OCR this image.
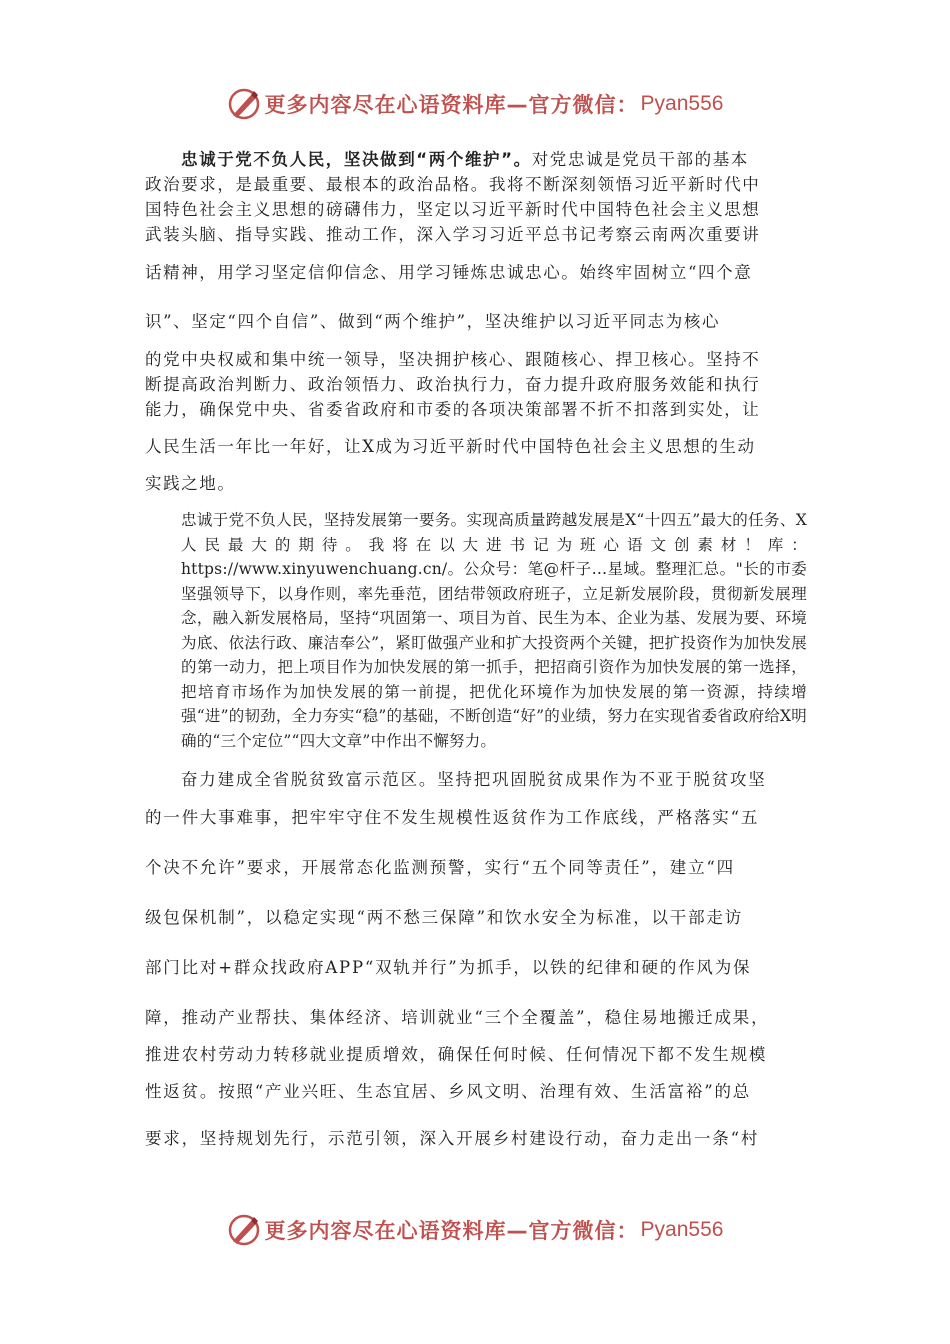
更多内容尽在心语资料库—官方微信： Pyan556
忠诚于党不负人民，坚决做到“两个维护”。对党忠诚是党员干部的基本
政治要求，是最重要、最根本的政治品格。我将不断深刻领悟习近平新时代中
国特色社会主义思想的磅礴伟力，坚定以习近平新时代中国特色社会主义思想
武装头脑、指导实践、推动工作，深入学习习近平总书记考察云南两次重要讲
话精神，用学习坚定信仰信念、用学习锤炼忠诚忠心。始终牢固树立“四个意
识”、坚定“四个自信”、做到“两个维护”，坚决维护以习近平同志为核心
的党中央权威和集中统一领导，坚决拥护核心、跟随核心、捍卫核心。坚持不
断提高政治判断力、政治领悟力、政治执行力，奋力提升政府服务效能和执行
能力，确保党中央、省委省政府和市委的各项决策部署不折不扣落到实处，让
人民生活一年比一年好，让X成为习近平新时代中国特色社会主义思想的生动
实践之地。
忠诚于党不负人民，坚持发展第一要务。实现高质量跨越发展是X“十四五”最大的任务、X人民最大的期待。我将在以大进书记为班心语文创素材！库：https://www.xinyuwenchuang.cn/。公众号：笔@杆子…星域。整理汇总。"长的市委坚强领导下，以身作则，率先垂范，团结带领政府班子，立足新发展阶段，贯彻新发展理念，融入新发展格局，坚持“巩固第一、项目为首、民生为本、企业为基、发展为要、环境为底、依法行政、廉洁奉公”，紧盯做强产业和扩大投资两个关键，把扩投资作为加快发展的第一动力，把上项目作为加快发展的第一抓手，把招商引资作为加快发展的第一选择，把培育市场作为加快发展的第一前提，把优化环境作为加快发展的第一资源，持续增强“进”的韧劲，全力夯实“稳”的基础，不断创造“好”的业绩，努力在实现省委省政府给X明确的“三个定位”“四大文章”中作出不懈努力。
奋力建成全省脱贫致富示范区。坚持把巩固脱贫成果作为不亚于脱贫攻坚
的一件大事难事，把牢牢守住不发生规模性返贫作为工作底线，严格落实“五
个决不允许”要求，开展常态化监测预警，实行“五个同等责任”，建立“四
级包保机制”，以稳定实现“两不愁三保障”和饮水安全为标准，以干部走访
部门比对+群众找政府APP“双轨并行”为抓手，以铁的纪律和硬的作风为保
障，推动产业帮扶、集体经济、培训就业“三个全覆盖”，稳住易地搬迁成果，
推进农村劳动力转移就业提质增效，确保任何时候、任何情况下都不发生规模
性返贫。按照“产业兴旺、生态宜居、乡风文明、治理有效、生活富裕”的总
要求，坚持规划先行，示范引领，深入开展乡村建设行动，奋力走出一条“村
更多内容尽在心语资料库—官方微信： Pyan556
